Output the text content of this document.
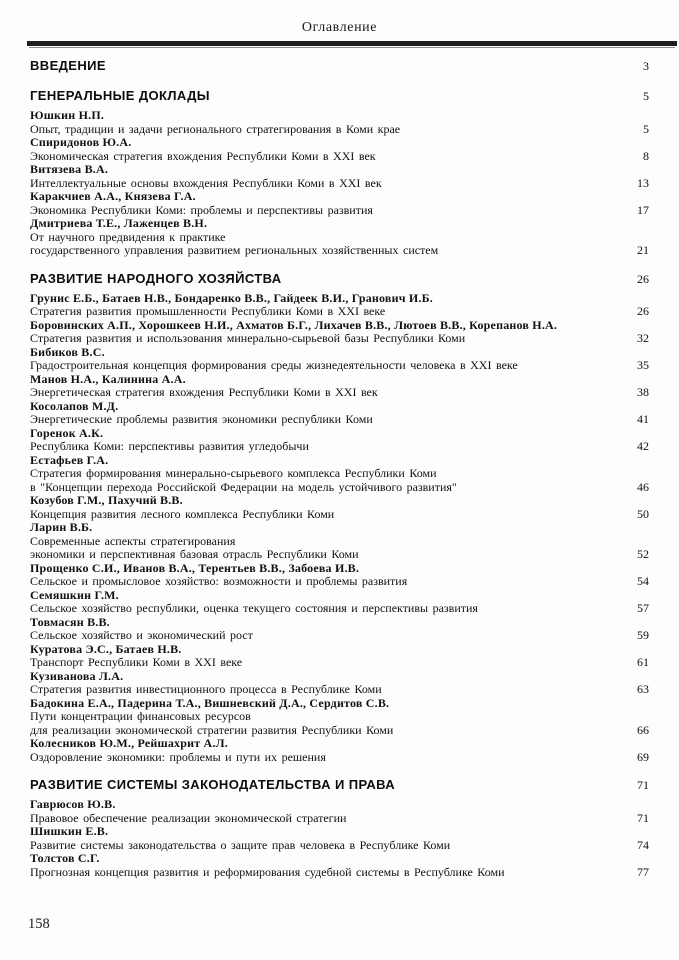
Оглавление
ВВЕДЕНИЕ	3
ГЕНЕРАЛЬНЫЕ ДОКЛАДЫ	5
Юшкин Н.П.
Опыт, традиции и задачи регионального стратегирования в Коми крае	5
Спиридонов Ю.А.
Экономическая стратегия вхождения Республики Коми в XXI век	8
Витязева В.А.
Интеллектуальные основы вхождения Республики Коми в XXI век	13
Каракчиев А.А., Князева Г.А.
Экономика Республики Коми: проблемы и перспективы развития	17
Дмитриева Т.Е., Лаженцев В.Н.
От научного предвидения к практике
государственного управления развитием региональных хозяйственных систем	21
РАЗВИТИЕ НАРОДНОГО ХОЗЯЙСТВА	26
Грунис Е.Б., Батаев Н.В., Бондаренко В.В., Гайдеек В.И., Гранович И.Б.
Стратегия развития промышленности Республики Коми в XXI веке	26
Боровинских А.П., Хорошкеев Н.И., Ахматов Б.Г., Лихачев В.В., Лютоев В.В., Корепанов Н.А.
Стратегия развития и использования минерально-сырьевой базы Республики Коми	32
Бибиков В.С.
Градостроительная концепция формирования среды жизнедеятельности человека в XXI веке	35
Манов Н.А., Калинина А.А.
Энергетическая стратегия вхождения Республики Коми в XXI век	38
Косолапов М.Д.
Энергетические проблемы развития экономики республики Коми	41
Горенок А.К.
Республика Коми: перспективы развития угледобычи	42
Естафьев Г.А.
Стратегия формирования минерально-сырьевого комплекса Республики Коми
в "Концепции перехода Российской Федерации на модель устойчивого развития"	46
Козубов Г.М., Пахучий В.В.
Концепция развития лесного комплекса Республики Коми	50
Ларин В.Б.
Современные аспекты стратегирования
экономики и перспективная базовая отрасль Республики Коми	52
Прощенко С.И., Иванов В.А., Терентьев В.В., Забоева И.В.
Сельское и промысловое хозяйство: возможности и проблемы развития	54
Семяшкин Г.М.
Сельское хозяйство республики, оценка текущего состояния и перспективы развития	57
Товмасян В.В.
Сельское хозяйство и экономический рост	59
Куратова Э.С., Батаев Н.В.
Транспорт Республики Коми в XXI веке	61
Кузиванова Л.А.
Стратегия развития инвестиционного процесса в Республике Коми	63
Бадокина Е.А., Падерина Т.А., Вишневский Д.А., Сердитов С.В.
Пути концентрации финансовых ресурсов
для реализации экономической стратегии развития Республики Коми	66
Колесников Ю.М., Рейшахрит А.Л.
Оздоровление экономики: проблемы и пути их решения	69
РАЗВИТИЕ СИСТЕМЫ ЗАКОНОДАТЕЛЬСТВА И ПРАВА	71
Гаврюсов Ю.В.
Правовое обеспечение реализации экономической стратегии	71
Шишкин Е.В.
Развитие системы законодательства о защите прав человека в Республике Коми	74
Толстов С.Г.
Прогнозная концепция развития и реформирования судебной системы в Республике Коми	77
158
